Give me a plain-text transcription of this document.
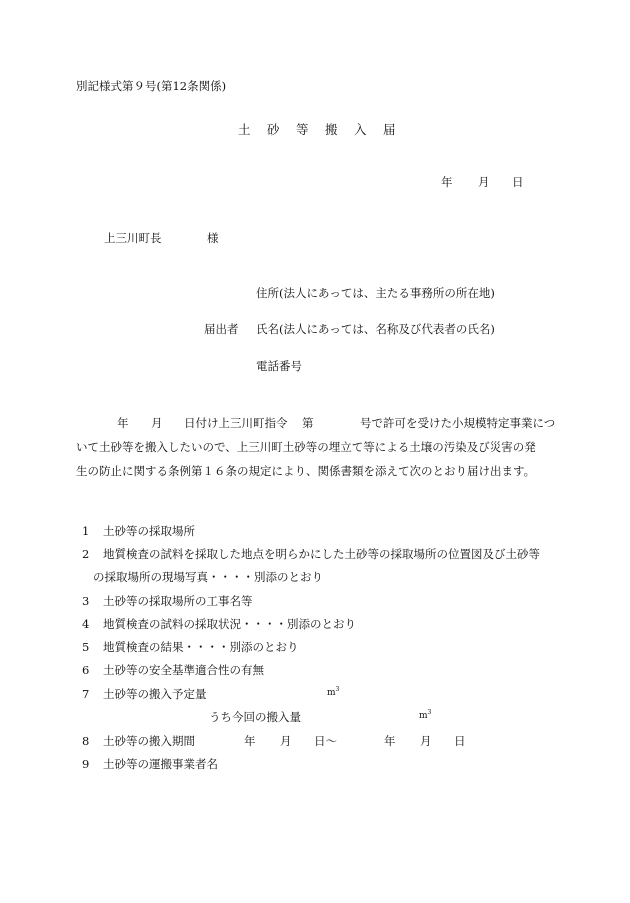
別記様式第９号(第12条関係)
土 砂 等 搬 入 届
年 月 日
上三川町長	様
住所(法人にあっては、主たる事務所の所在地)
届出者 氏名(法人にあっては、名称及び代表者の氏名)
電話番号
年 月 日付け上三川町指令 第	号で許可を受けた小規模特定事業につ
いて土砂等を搬入したいので、上三川町土砂等の埋立て等による土壌の汚染及び災害の発
生の防止に関する条例第１６条の規定により、関係書類を添えて次のとおり届け出ます。
1 土砂等の採取場所
2 地質検査の試料を採取した地点を明らかにした土砂等の採取場所の位置図及び土砂等
の採取場所の現場写真・・・・別添のとおり
3 土砂等の採取場所の工事名等
4 地質検査の試料の採取状況・・・・別添のとおり
5 地質検査の結果・・・・別添のとおり
6 土砂等の安全基準適合性の有無
7 土砂等の搬入予定量	$m^3$
うち今回の搬入量	$m^3$
8 土砂等の搬入期間	年 月 日～	年 月 日
9 土砂等の運搬事業者名
